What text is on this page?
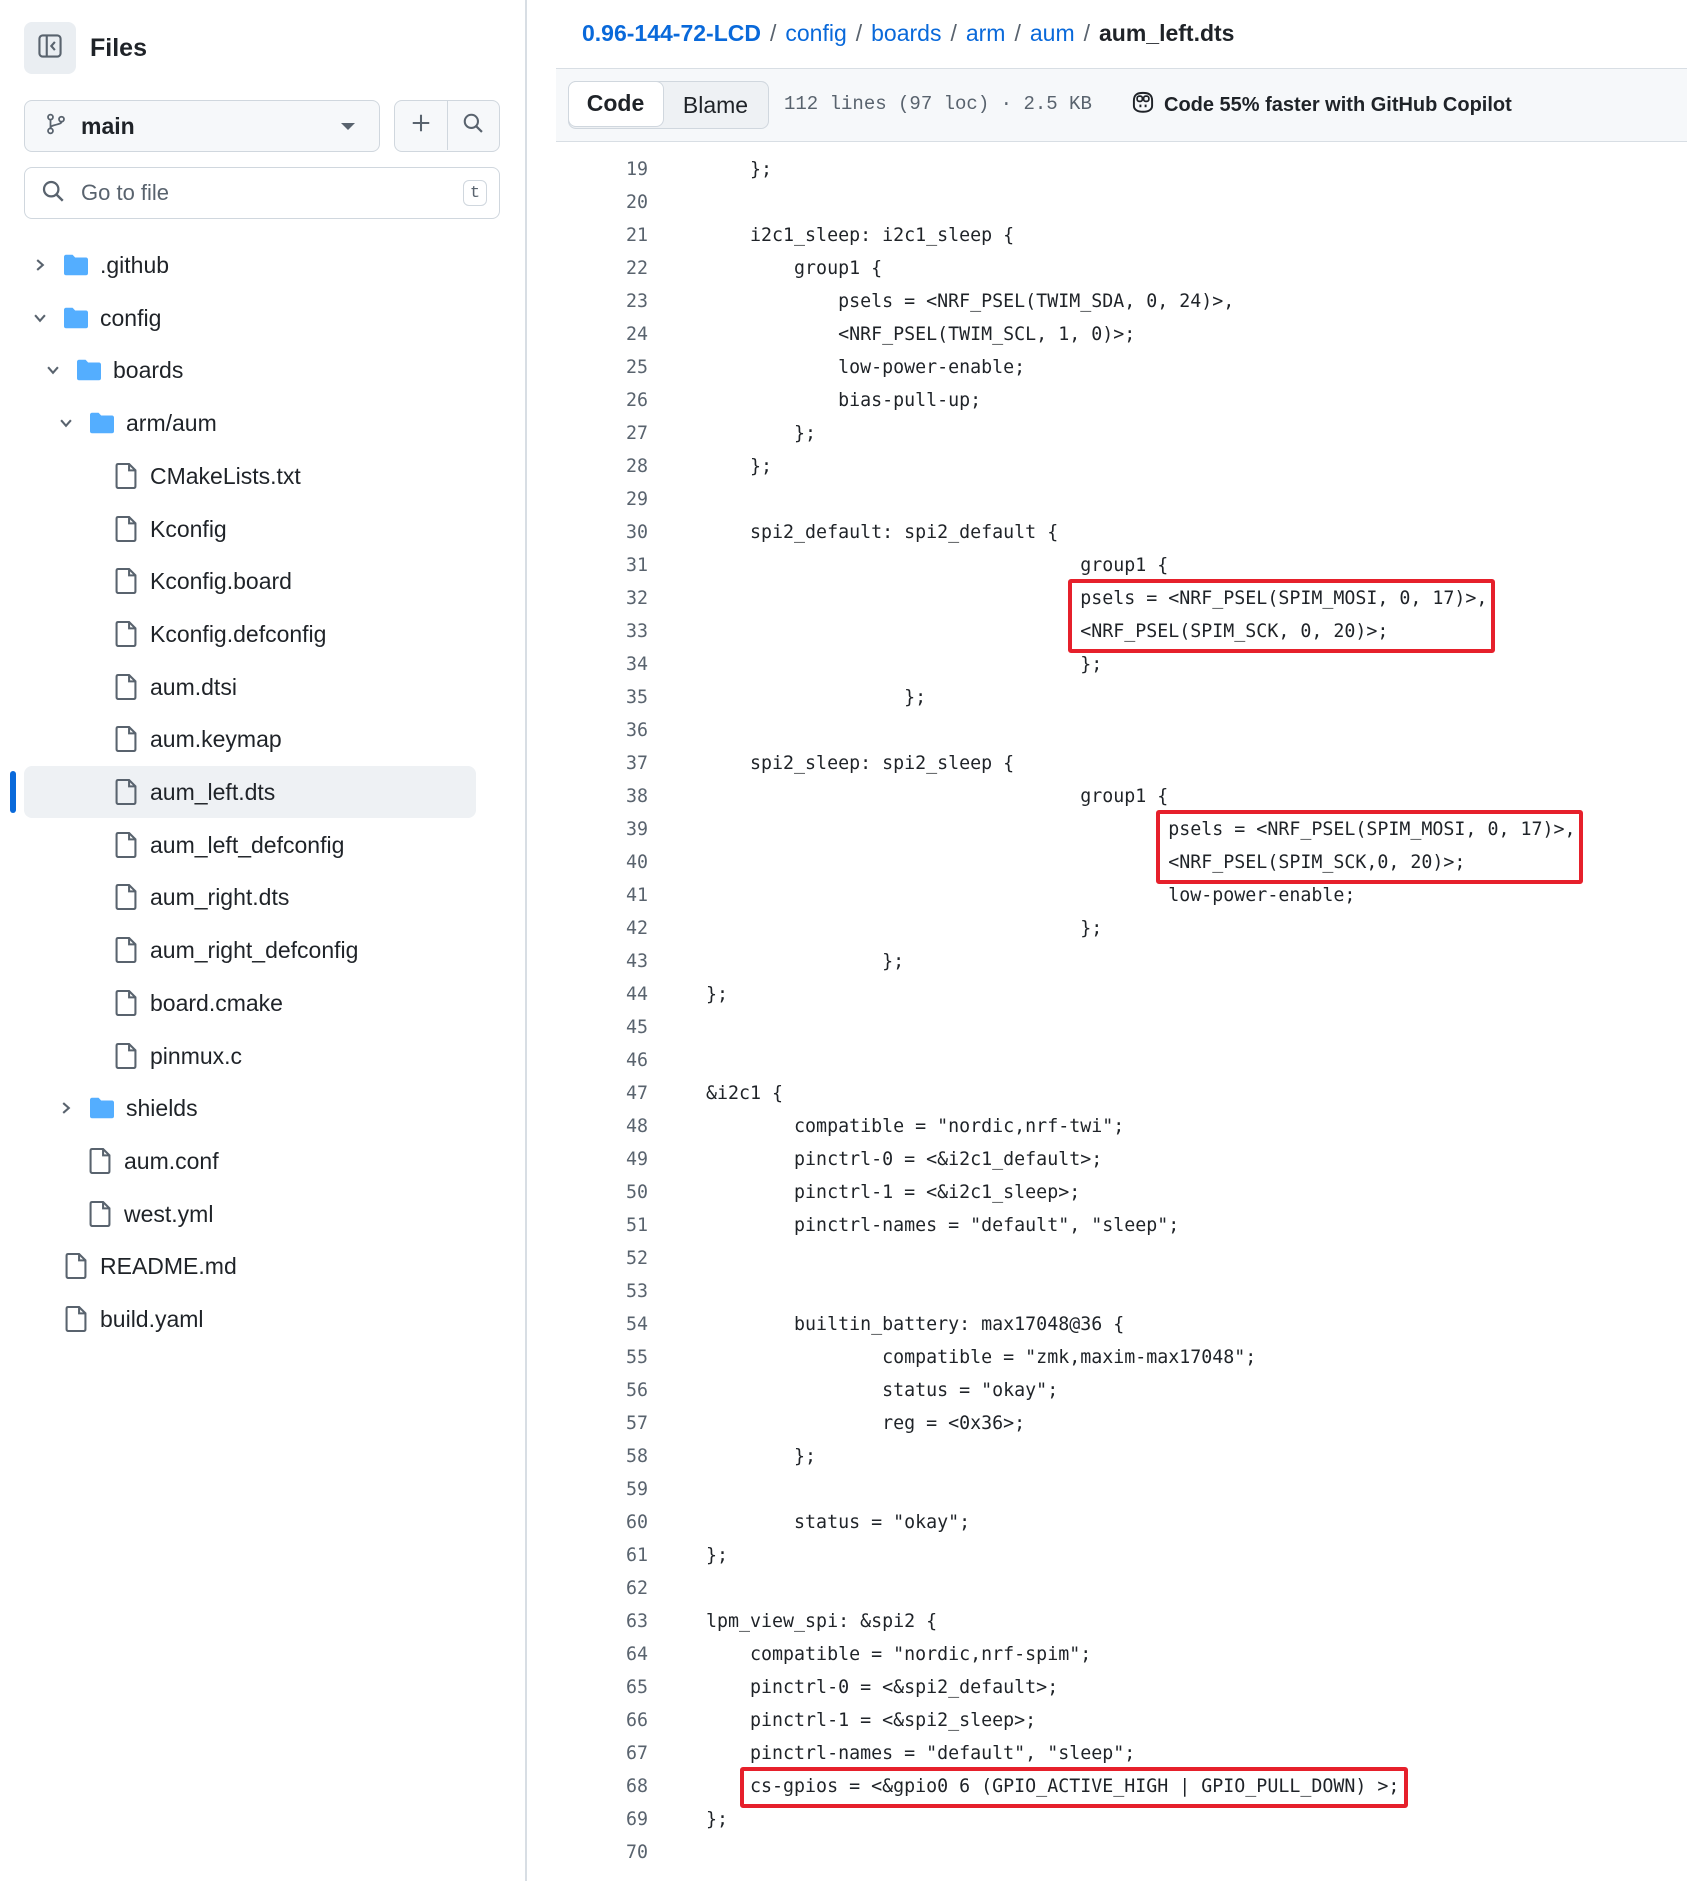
Files
main
Go to file
t
.github
config
boards
arm/aum
CMakeLists.txt
Kconfig
Kconfig.board
Kconfig.defconfig
aum.dtsi
aum.keymap
aum_left.dts
aum_left_defconfig
aum_right.dts
aum_right_defconfig
board.cmake
pinmux.c
shields
aum.conf
west.yml
README.md
build.yaml
0.96-144-72-LCD / config / boards / arm / aum / aum_left.dts
Code	Blame	112 lines (97 loc) · 2.5 KB	Code 55% faster with GitHub Copilot
19	};
20
21	i2c1_sleep: i2c1_sleep {
22	group1 {
23	psels = <NRF_PSEL(TWIM_SDA, 0, 24)>,
24	<NRF_PSEL(TWIM_SCL, 1, 0)>;
25	low-power-enable;
26	bias-pull-up;
27	};
28	};
29
30	spi2_default: spi2_default {
31	group1 {
32	psels = <NRF_PSEL(SPIM_MOSI, 0, 17)>,
33	<NRF_PSEL(SPIM_SCK, 0, 20)>;
34	};
35	};
36
37	spi2_sleep: spi2_sleep {
38	group1 {
39	psels = <NRF_PSEL(SPIM_MOSI, 0, 17)>,
40	<NRF_PSEL(SPIM_SCK,0, 20)>;
41	low-power-enable;
42	};
43	};
44	};
45
46
47	&i2c1 {
48	compatible = "nordic,nrf-twi";
49	pinctrl-0 = <&i2c1_default>;
50	pinctrl-1 = <&i2c1_sleep>;
51	pinctrl-names = "default", "sleep";
52
53
54	builtin_battery: max17048@36 {
55	compatible = "zmk,maxim-max17048";
56	status = "okay";
57	reg = <0x36>;
58	};
59
60	status = "okay";
61	};
62
63	lpm_view_spi: &spi2 {
64	compatible = "nordic,nrf-spim";
65	pinctrl-0 = <&spi2_default>;
66	pinctrl-1 = <&spi2_sleep>;
67	pinctrl-names = "default", "sleep";
68	cs-gpios = <&gpio0 6 (GPIO_ACTIVE_HIGH | GPIO_PULL_DOWN) >;
69	};
70
